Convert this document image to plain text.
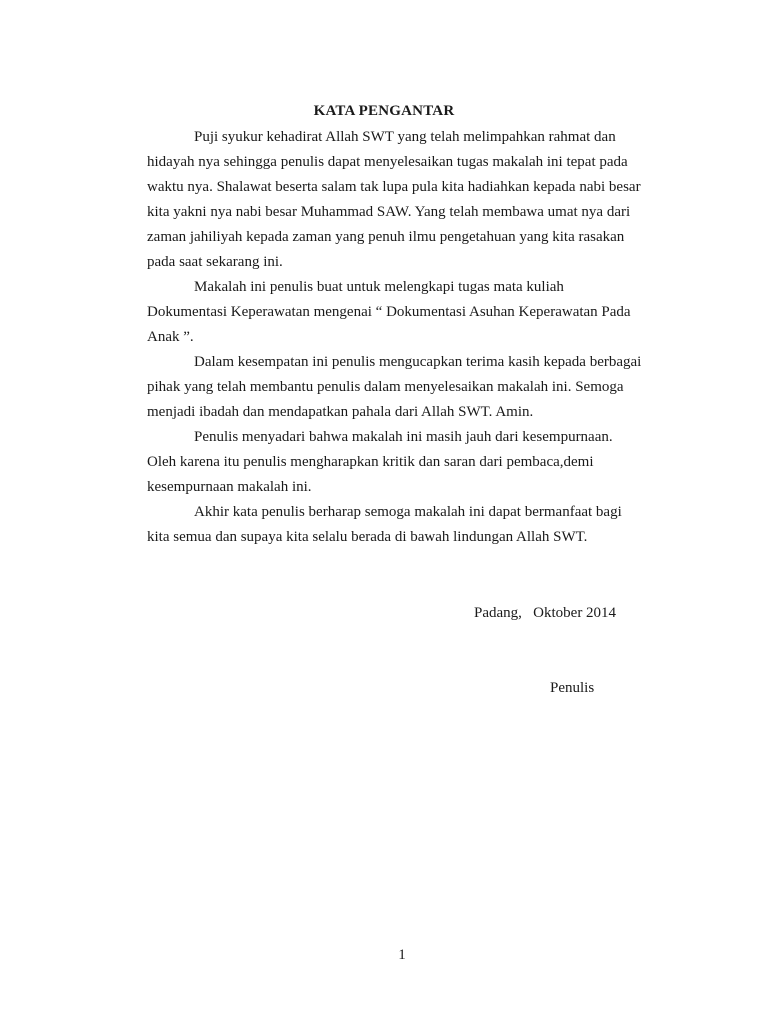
KATA PENGANTAR
Puji syukur kehadirat Allah SWT yang telah melimpahkan rahmat dan
hidayah nya sehingga penulis dapat menyelesaikan tugas makalah ini tepat pada
waktu nya. Shalawat beserta salam tak lupa pula kita hadiahkan kepada nabi besar
kita yakni nya nabi besar Muhammad SAW. Yang telah membawa umat nya dari
zaman jahiliyah kepada zaman yang penuh ilmu pengetahuan yang kita rasakan
pada saat sekarang ini.
Makalah ini penulis buat untuk melengkapi tugas mata kuliah
Dokumentasi Keperawatan mengenai “ Dokumentasi Asuhan Keperawatan Pada
Anak ”.
Dalam kesempatan ini penulis mengucapkan terima kasih kepada berbagai
pihak yang telah membantu penulis dalam menyelesaikan makalah ini. Semoga
menjadi ibadah dan mendapatkan pahala dari Allah SWT. Amin.
Penulis menyadari bahwa makalah ini masih jauh dari kesempurnaan.
Oleh karena itu penulis mengharapkan kritik dan saran dari pembaca,demi
kesempurnaan makalah ini.
Akhir kata penulis berharap semoga makalah ini dapat bermanfaat bagi
kita semua dan supaya kita selalu berada di bawah lindungan Allah SWT.
Padang,   Oktober 2014
Penulis
1
